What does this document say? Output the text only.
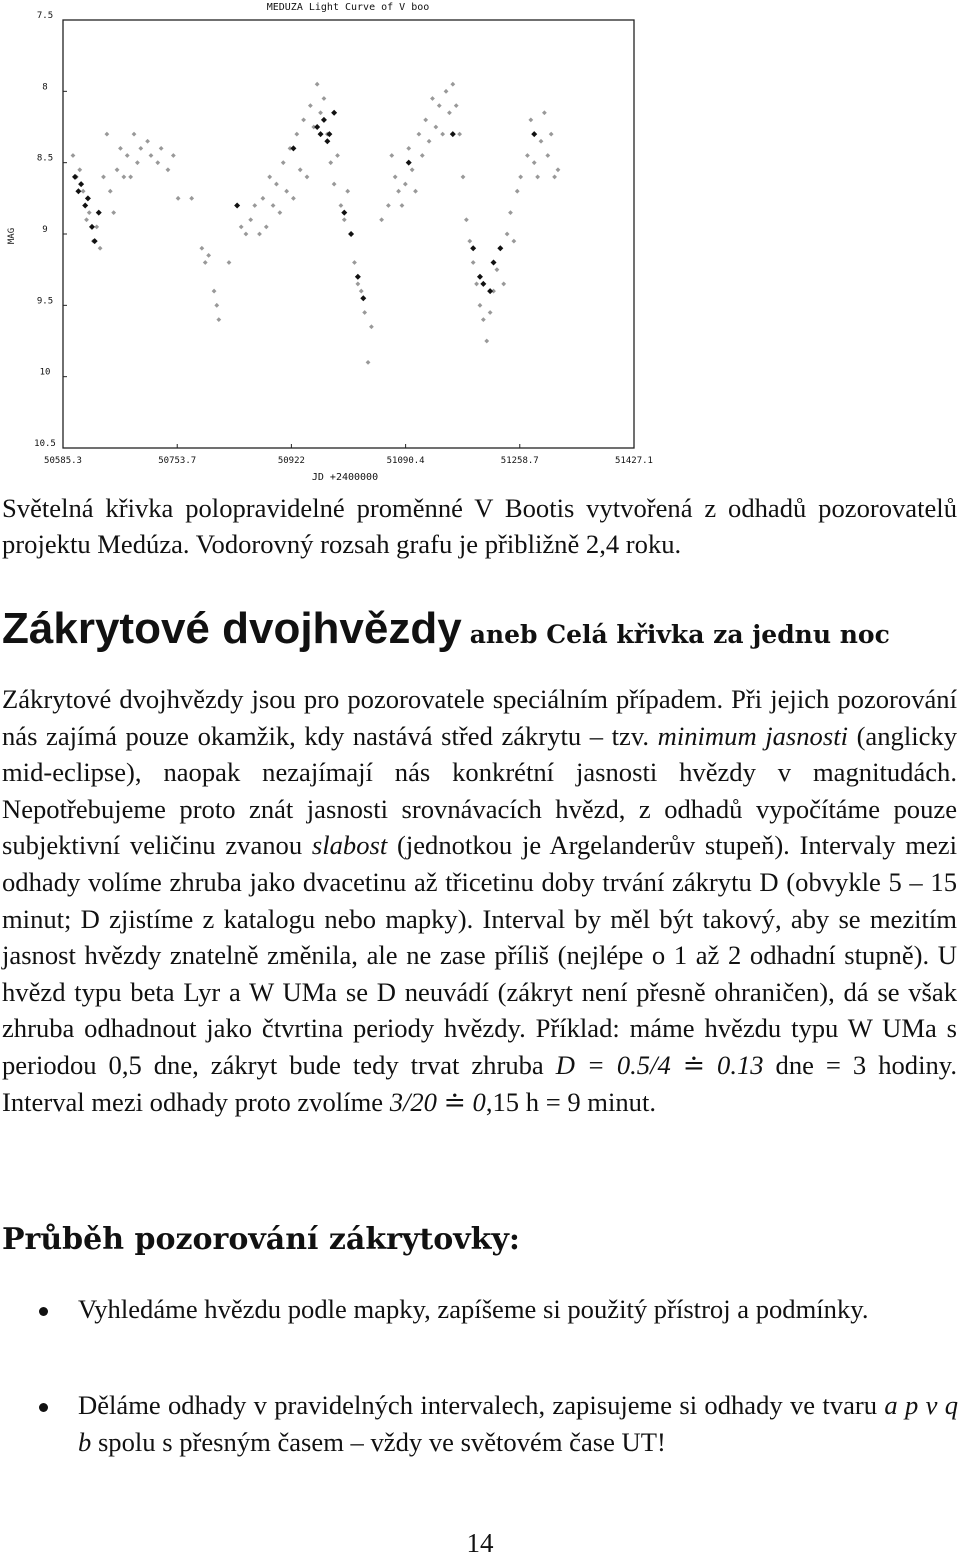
MEDUZA Light Curve of V boo
MAG
JD +2400000
7.5
8
8.5
9
9.5
10
10.5
50585.3	50753.7	50922	51090.4	51258.7	51427.1
Světelná křivka polopravidelné proměnné V Bootis vytvořená z odhadů pozorovatelů projektu Medúza. Vodorovný rozsah grafu je přibližně 2,4 roku.
Zákrytové dvojhvězdy aneb Celá křivka za jednu noc
Zákrytové dvojhvězdy jsou pro pozorovatele speciálním případem. Při jejich pozorování nás zajímá pouze okamžik, kdy nastává střed zákrytu – tzv. minimum jasnosti (anglicky mid-eclipse), naopak nezajímají nás konkrétní jasnosti hvězdy v magnitudách. Nepotřebujeme proto znát jasnosti srovnávacích hvězd, z odhadů vypočítáme pouze subjektivní veličinu zvanou slabost (jednotkou je Argelanderův stupeň). Intervaly mezi odhady volíme zhruba jako dvacetinu až třicetinu doby trvání zákrytu D (obvykle 5 – 15 minut; D zjistíme z katalogu nebo mapky). Interval by měl být takový, aby se mezitím jasnost hvězdy znatelně změnila, ale ne zase příliš (nejlépe o 1 až 2 odhadní stupně). U hvězd typu beta Lyr a W UMa se D neuvádí (zákryt není přesně ohraničen), dá se však zhruba odhadnout jako čtvrtina periody hvězdy. Příklad: máme hvězdu typu W UMa s periodou 0,5 dne, zákryt bude tedy trvat zhruba D = 0.5/4 ≐ 0.13 dne = 3 hodiny. Interval mezi odhady proto zvolíme 3/20 ≐ 0,15 h = 9 minut.
Průběh pozorování zákrytovky:
Vyhledáme hvězdu podle mapky, zapíšeme si použitý přístroj a podmínky.
Děláme odhady v pravidelných intervalech, zapisujeme si odhady ve tvaru a p v q b spolu s přesným časem – vždy ve světovém čase UT!
14
